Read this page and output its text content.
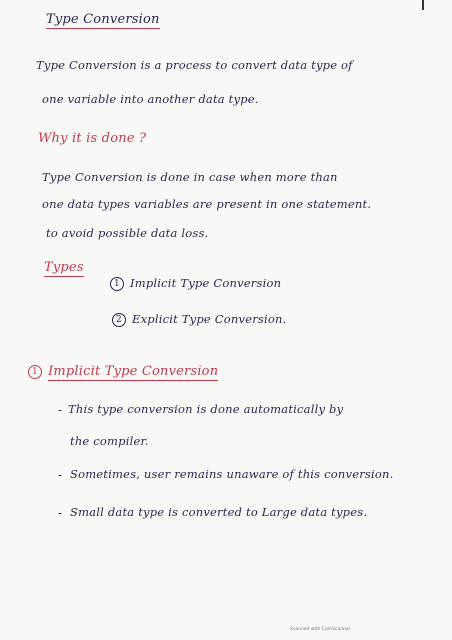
Type Conversion
Type Conversion is a process to convert data type of
one variable into another data type.
Why it is done ?
Type Conversion is done in case when more than
one data types variables are present in one statement.
to avoid possible data loss.
Types
1 Implicit Type Conversion
2 Explicit Type Conversion.
1 Implicit Type Conversion
- This type conversion is done automatically by
the compiler.
- Sometimes, user remains unaware of this conversion.
- Small data type is converted to Large data types.
Scanned with CamScanner
